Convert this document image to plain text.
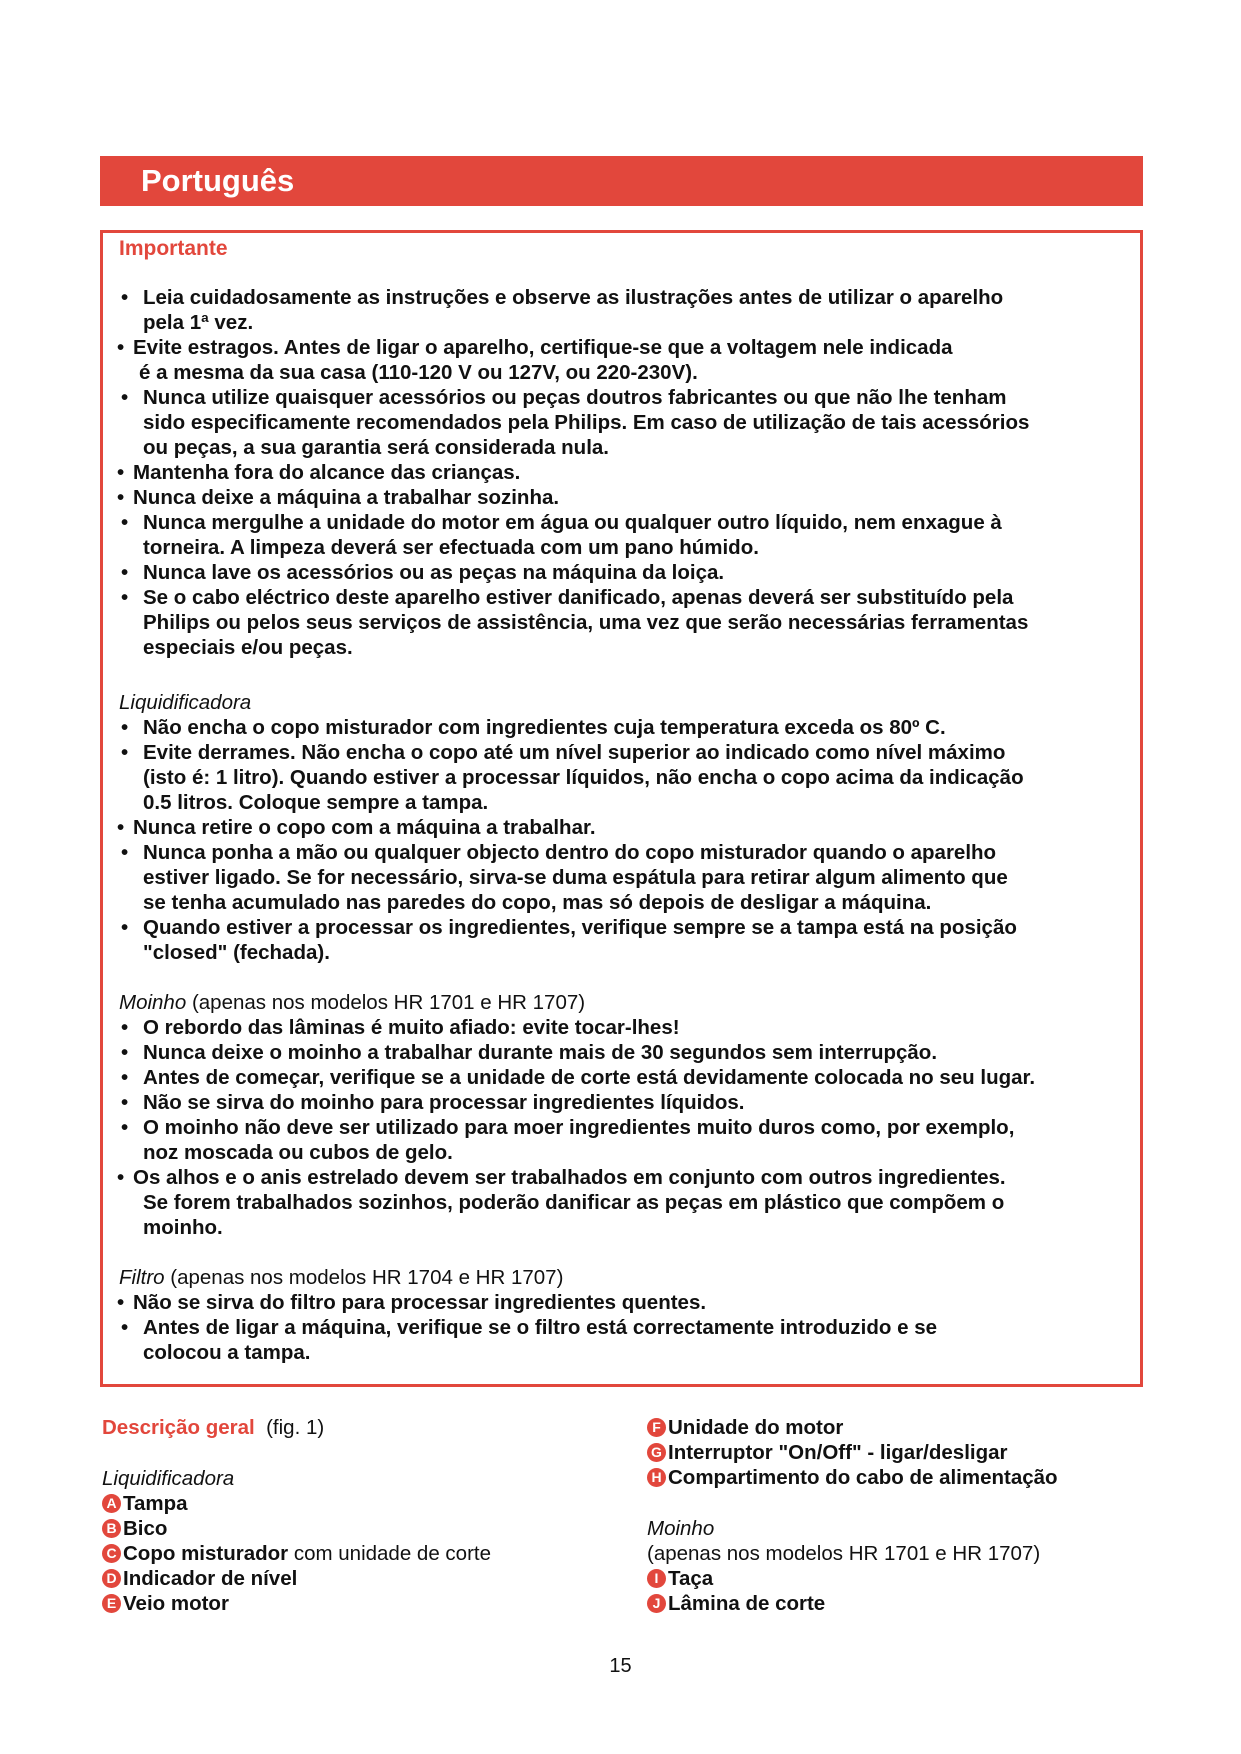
Português
Importante
• Leia cuidadosamente as instruções e observe as ilustrações antes de utilizar o aparelho
pela 1ª vez.
• Evite estragos. Antes de ligar o aparelho, certifique-se que a voltagem nele indicada
é a mesma da sua casa (110-120 V ou 127V, ou 220-230V).
• Nunca utilize quaisquer acessórios ou peças doutros fabricantes ou que não lhe tenham
sido especificamente recomendados pela Philips. Em caso de utilização de tais acessórios
ou peças, a sua garantia será considerada nula.
• Mantenha fora do alcance das crianças.
• Nunca deixe a máquina a trabalhar sozinha.
• Nunca mergulhe a unidade do motor em água ou qualquer outro líquido, nem enxague à
torneira. A limpeza deverá ser efectuada com um pano húmido.
• Nunca lave os acessórios ou as peças na máquina da loiça.
• Se o cabo eléctrico deste aparelho estiver danificado, apenas deverá ser substituído pela
Philips ou pelos seus serviços de assistência, uma vez que serão necessárias ferramentas
especiais e/ou peças.
Liquidificadora
• Não encha o copo misturador com ingredientes cuja temperatura exceda os 80º C.
• Evite derrames. Não encha o copo até um nível superior ao indicado como nível máximo
(isto é: 1 litro). Quando estiver a processar líquidos, não encha o copo acima da indicação
0.5 litros. Coloque sempre a tampa.
• Nunca retire o copo com a máquina a trabalhar.
• Nunca ponha a mão ou qualquer objecto dentro do copo misturador quando o aparelho
estiver ligado. Se for necessário, sirva-se duma espátula para retirar algum alimento que
se tenha acumulado nas paredes do copo, mas só depois de desligar a máquina.
• Quando estiver a processar os ingredientes, verifique sempre se a tampa está na posição
"closed" (fechada).
Moinho (apenas nos modelos HR 1701 e HR 1707)
• O rebordo das lâminas é muito afiado: evite tocar-lhes!
• Nunca deixe o moinho a trabalhar durante mais de 30 segundos sem interrupção.
• Antes de começar, verifique se a unidade de corte está devidamente colocada no seu lugar.
• Não se sirva do moinho para processar ingredientes líquidos.
• O moinho não deve ser utilizado para moer ingredientes muito duros como, por exemplo,
noz moscada ou cubos de gelo.
• Os alhos e o anis estrelado devem ser trabalhados em conjunto com outros ingredientes.
Se forem trabalhados sozinhos, poderão danificar as peças em plástico que compõem o
moinho.
Filtro (apenas nos modelos HR 1704 e HR 1707)
• Não se sirva do filtro para processar ingredientes quentes.
• Antes de ligar a máquina, verifique se o filtro está correctamente introduzido e se
colocou a tampa.
Descrição geral (fig. 1)
Liquidificadora
A Tampa
B Bico
C Copo misturador com unidade de corte
D Indicador de nível
E Veio motor
F Unidade do motor
G Interruptor "On/Off" - ligar/desligar
H Compartimento do cabo de alimentação
Moinho
(apenas nos modelos HR 1701 e HR 1707)
I Taça
J Lâmina de corte
15
